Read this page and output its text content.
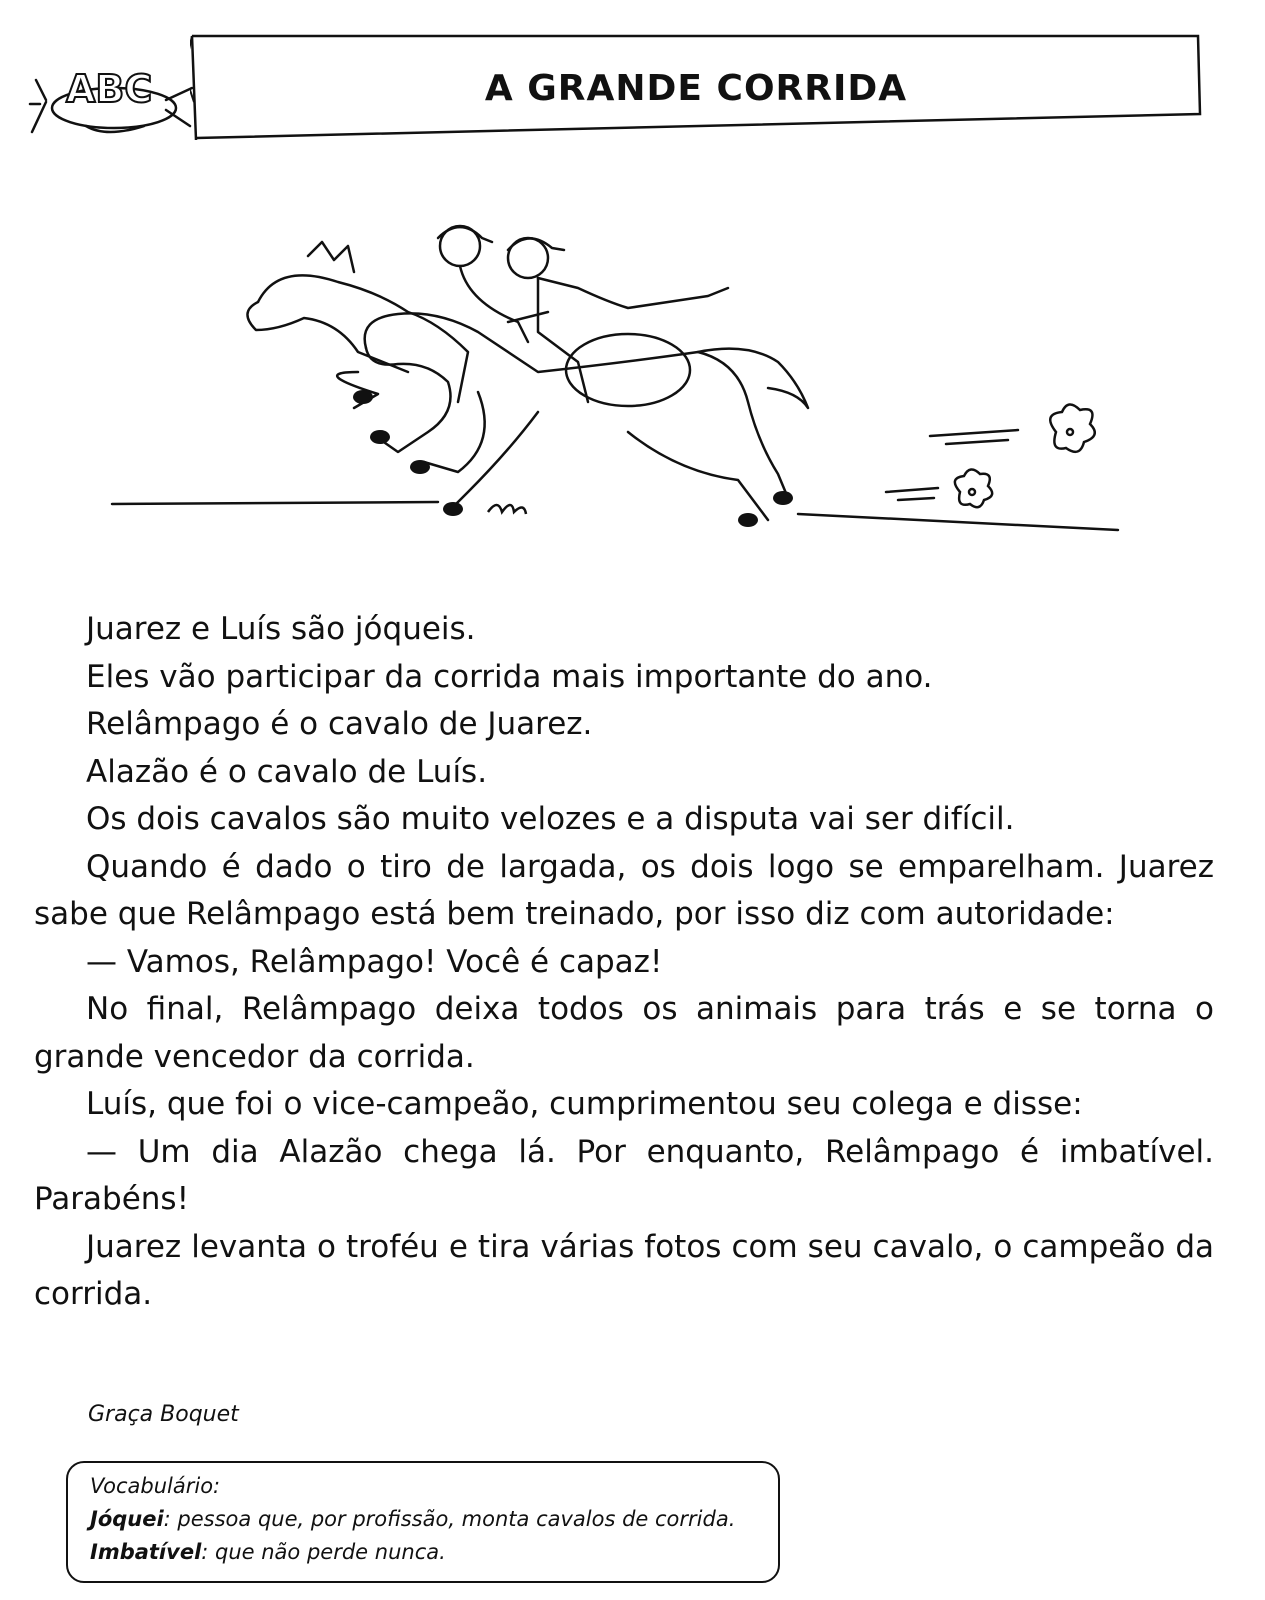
ABC	A GRANDE CORRIDA

Juarez e Luís são jóqueis.

Eles vão participar da corrida mais importante do ano.

Relâmpago é o cavalo de Juarez.

Alazão é o cavalo de Luís.

Os dois cavalos são muito velozes e a disputa vai ser difícil.

Quando é dado o tiro de largada, os dois logo se emparelham. Juarez sabe que Relâmpago está bem treinado, por isso diz com autoridade:

— Vamos, Relâmpago! Você é capaz!

No final, Relâmpago deixa todos os animais para trás e se torna o grande vencedor da corrida.

Luís, que foi o vice-campeão, cumprimentou seu colega e disse:

— Um dia Alazão chega lá. Por enquanto, Relâmpago é imbatível. Parabéns!

Juarez levanta o troféu e tira várias fotos com seu cavalo, o campeão da corrida.

Graça Boquet
Vocabulário:
Jóquei: pessoa que, por profissão, monta cavalos de corrida.
Imbatível: que não perde nunca.
